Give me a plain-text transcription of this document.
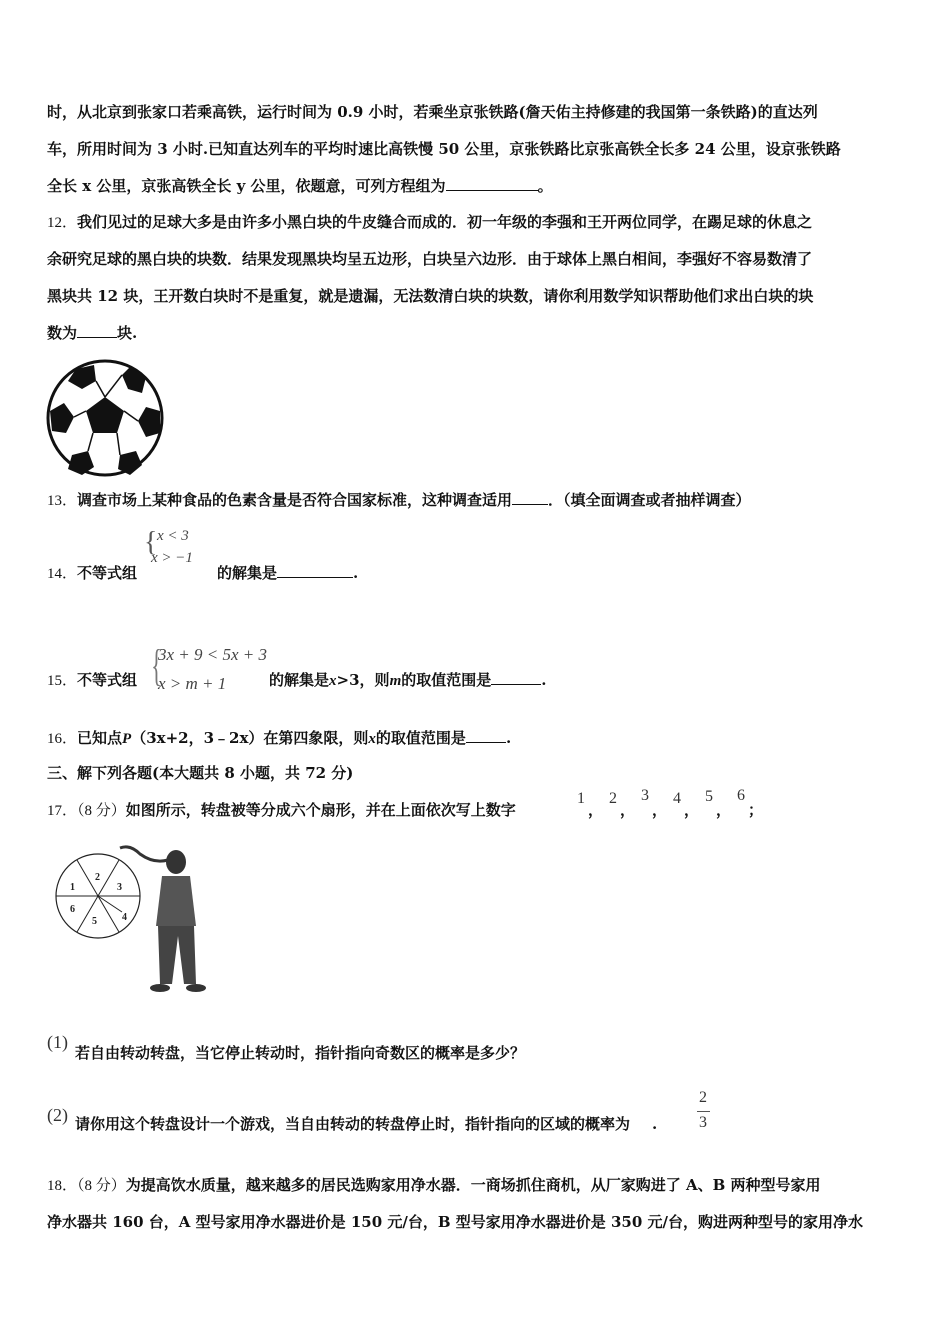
时，从北京到张家口若乘高铁，运行时间为 0.9 小时，若乘坐京张铁路(詹天佑主持修建的我国第一条铁路)的直达列
车，所用时间为 3 小时.已知直达列车的平均时速比高铁慢 50 公里，京张铁路比京张高铁全长多 24 公里，设京张铁路
全长 x 公里，京张高铁全长 y 公里，依题意，可列方程组为	。
12．我们见过的足球大多是由许多小黑白块的牛皮缝合而成的．初一年级的李强和王开两位同学，在踢足球的休息之
余研究足球的黑白块的块数．结果发现黑块均呈五边形，白块呈六边形．由于球体上黑白相间，李强好不容易数清了
黑块共 12 块，王开数白块时不是重复，就是遗漏，无法数清白块的块数，请你利用数学知识帮助他们求出白块的块
数为	块.
13．调查市场上某种食品的色素含量是否符合国家标准，这种调查适用 ．（填全面调查或者抽样调查）
{ x < 3
x > −1
14．不等式组	的解集是	.
{
3x + 9 < 5x + 3
x > m + 1
15．不等式组	的解集是x>3，则m的取值范围是	.
16．已知点P（3x+2，3﹣2x）在第四象限，则x的取值范围是	.
三、解下列各题(本大题共 8 小题，共 72 分)
17．（8 分）如图所示，转盘被等分成六个扇形，并在上面依次写上数字
1
，
2
，
3
，
4
，
5
，
6
；
1
2
3
4
5
6
(1)
若自由转动转盘，当它停止转动时，指针指向奇数区的概率是多少？
(2) 请你用这个转盘设计一个游戏，当自由转动的转盘停止时，指针指向的区域的概率为 .
2
3
18．（8 分）为提高饮水质量，越来越多的居民选购家用净水器．一商场抓住商机，从厂家购进了 A、B 两种型号家用
净水器共 160 台，A 型号家用净水器进价是 150 元/台，B 型号家用净水器进价是 350 元/台，购进两种型号的家用净水
